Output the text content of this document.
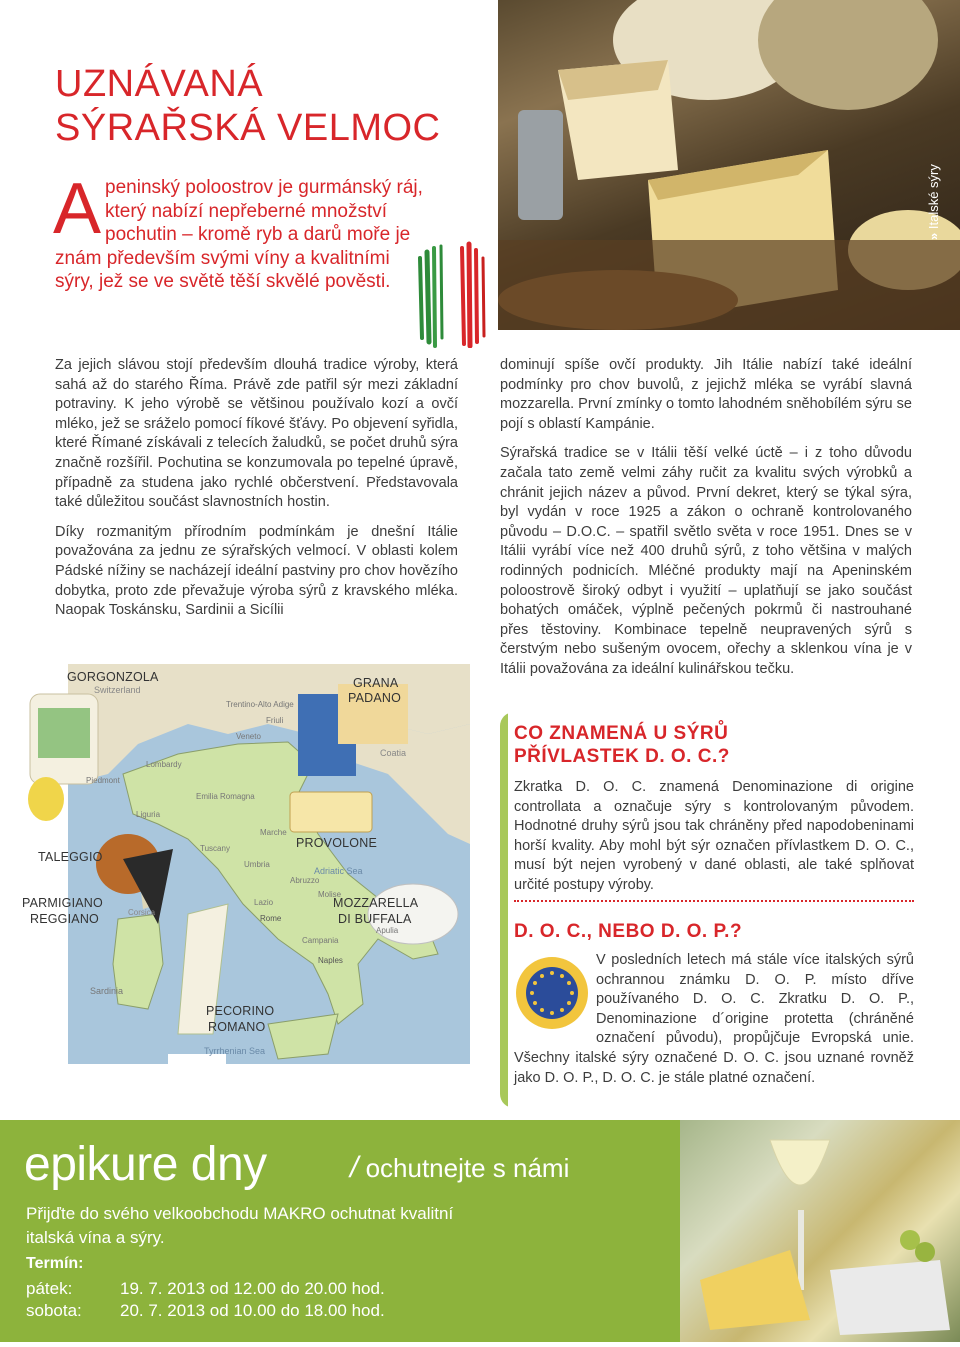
UZNÁVANÁ
SÝRAŘSKÁ VELMOC

Apeninský poloostrov je gurmánský ráj, který nabízí nepřeberné množství pochutin – kromě ryb a darů moře je znám především svými víny a kvalitními sýry, jež se ve světě těší skvělé pověsti.

» Italské sýry

Za jejich slávou stojí především dlouhá tradice výroby, která sahá až do starého Říma. Právě zde patřil sýr mezi základní potraviny. K jeho výrobě se většinou používalo kozí a ovčí mléko, jež se sráželo pomocí fíkové šťávy. Po objevení syřidla, které Římané získávali z telecích žaludků, se počet druhů sýra značně rozšířil. Pochutina se konzumovala po tepelné úpravě, případně za studena jako rychlé občerstvení. Představovala také důležitou součást slavnostních hostin.

Díky rozmanitým přírodním podmínkám je dnešní Itálie považována za jednu ze sýrařských velmocí. V oblasti kolem Pádské nížiny se nacházejí ideální pastviny pro chov hovězího dobytka, proto zde převažuje výroba sýrů z kravského mléka. Naopak Toskánsku, Sardinii a Sicílii

dominují spíše ovčí produkty. Jih Itálie nabízí také ideální podmínky pro chov buvolů, z jejichž mléka se vyrábí slavná mozzarella. První zmínky o tomto lahodném sněhobílém sýru se pojí s oblastí Kampánie.

Sýrařská tradice se v Itálii těší velké úctě – i z toho důvodu začala tato země velmi záhy ručit za kvalitu svých výrobků a chránit jejich název a původ. První dekret, který se týkal sýra, byl vydán v roce 1925 a zákon o ochraně kontrolovaného původu – D.O.C. – spatřil světlo světa v roce 1951. Dnes se v Itálii vyrábí více než 400 druhů sýrů, z toho většina v malých rodinných podnicích. Mléčné produkty mají na Apeninském poloostrově široký odbyt i využití – uplatňují se jako součást bohatých omáček, výplně pečených pokrmů či nastrouhané přes těstoviny. Kombinace tepelně neupravených sýrů s čerstvým nebo sušeným ovocem, ořechy a sklenkou vína je v Itálii považována za ideální kulinářskou tečku.

GORGONZOLA	GRANA
PADANO
TALEGGIO
PROVOLONE
PARMIGIANO
REGGIANO
MOZZARELLA
DI BUFFALA
PECORINO
ROMANO
Switzerland
Trentino-Alto Adige
Friuli
Veneto
Lombardy
Piedmont
Liguria
Emilia Romagna
Tuscany
Umbria
Marche
Lazio
Abruzzo
Campania
Molise
Apulia
Sardinia
Tyrrhenian Sea
Adriatic Sea
Coatia
Corsica
Rome
Naples
CO ZNAMENÁ U SÝRŮ
PŘÍVLASTEK D. O. C.?

Zkratka D. O. C. znamená Denominazione di origine controllata a označuje sýry s kontrolovaným původem. Hodnotné druhy sýrů jsou tak chráněny před napodobeninami horší kvality. Aby mohl být sýr označen přívlastkem D. O. C., musí být nejen vyrobený v dané oblasti, ale také splňovat určité postupy výroby.

D. O. C., NEBO D. O. P.?

V posledních letech má stále více italských sýrů ochrannou známku D. O. P. místo dříve používaného D. O. C. Zkratku D. O. P., Denominazione d´origine protetta (chráněné označení původu), propůjčuje Evropská unie. Všechny italské sýry označené D. O. C. jsou uznané rovněž jako D. O. P., D. O. C. je stále platné označení.

epikure dny	/ ochutnejte s námi

Přijďte do svého velkoobchodu MAKRO ochutnat kvalitní italská vína a sýry.

Termín:
pátek:	19. 7. 2013 od 12.00 do 20.00 hod.
sobota: 20. 7. 2013 od 10.00 do 18.00 hod.
